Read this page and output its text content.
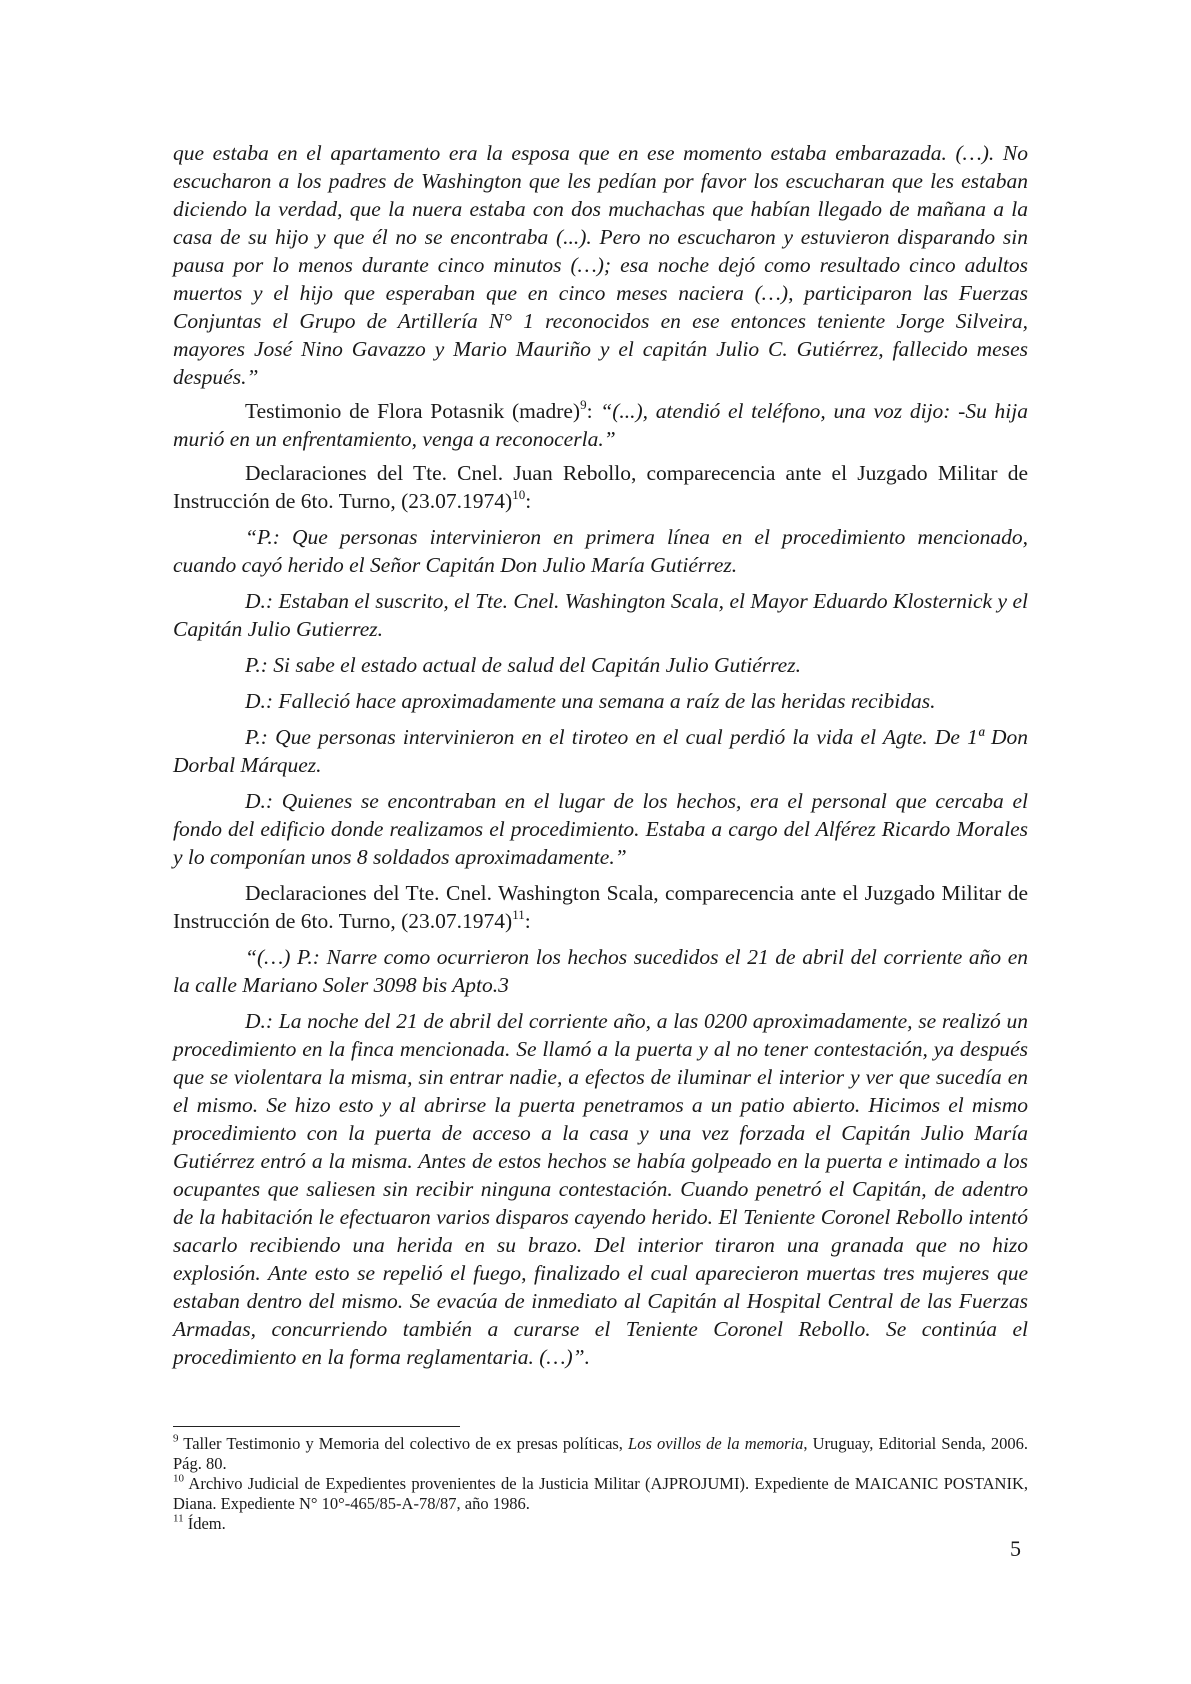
que estaba en el apartamento era la esposa que en ese momento estaba embarazada. (…). No escucharon a los padres de Washington que les pedían por favor los escucharan que les estaban diciendo la verdad, que la nuera estaba con dos muchachas que habían llegado de mañana a la casa de su hijo y que él no se encontraba (...). Pero no escucharon y estuvieron disparando sin pausa por lo menos durante cinco minutos (…); esa noche dejó como resultado cinco adultos muertos y el hijo que esperaban que en cinco meses naciera (…), participaron las Fuerzas Conjuntas el Grupo de Artillería N° 1 reconocidos en ese entonces teniente Jorge Silveira, mayores José Nino Gavazzo y Mario Mauriño y el capitán Julio C. Gutiérrez, fallecido meses después.”

Testimonio de Flora Potasnik (madre)$^9$: “(...), atendió el teléfono, una voz dijo: -Su hija murió en un enfrentamiento, venga a reconocerla.”

Declaraciones del Tte. Cnel. Juan Rebollo, comparecencia ante el Juzgado Militar de Instrucción de 6to. Turno, $(23.07.1974)^{10}$:

“P.: Que personas intervinieron en primera línea en el procedimiento mencionado, cuando cayó herido el Señor Capitán Don Julio María Gutiérrez.

D.: Estaban el suscrito, el Tte. Cnel. Washington Scala, el Mayor Eduardo Klosternick y el Capitán Julio Gutierrez.

P.: Si sabe el estado actual de salud del Capitán Julio Gutiérrez.

D.: Falleció hace aproximadamente una semana a raíz de las heridas recibidas.

P.: Que personas intervinieron en el tiroteo en el cual perdió la vida el Agte. De 1ª Don Dorbal Márquez.

D.: Quienes se encontraban en el lugar de los hechos, era el personal que cercaba el fondo del edificio donde realizamos el procedimiento. Estaba a cargo del Alférez Ricardo Morales y lo componían unos 8 soldados aproximadamente.”

Declaraciones del Tte. Cnel. Washington Scala, comparecencia ante el Juzgado Militar de Instrucción de 6to. Turno, $(23.07.1974)^{11}$:

“(…) P.: Narre como ocurrieron los hechos sucedidos el 21 de abril del corriente año en la calle Mariano Soler 3098 bis Apto.3

D.: La noche del 21 de abril del corriente año, a las 0200 aproximadamente, se realizó un procedimiento en la finca mencionada. Se llamó a la puerta y al no tener contestación, ya después que se violentara la misma, sin entrar nadie, a efectos de iluminar el interior y ver que sucedía en el mismo. Se hizo esto y al abrirse la puerta penetramos a un patio abierto. Hicimos el mismo procedimiento con la puerta de acceso a la casa y una vez forzada el Capitán Julio María Gutiérrez entró a la misma. Antes de estos hechos se había golpeado en la puerta e intimado a los ocupantes que saliesen sin recibir ninguna contestación. Cuando penetró el Capitán, de adentro de la habitación le efectuaron varios disparos cayendo herido. El Teniente Coronel Rebollo intentó sacarlo recibiendo una herida en su brazo. Del interior tiraron una granada que no hizo explosión. Ante esto se repelió el fuego, finalizado el cual aparecieron muertas tres mujeres que estaban dentro del mismo. Se evacúa de inmediato al Capitán al Hospital Central de las Fuerzas Armadas, concurriendo también a curarse el Teniente Coronel Rebollo. Se continúa el procedimiento en la forma reglamentaria. (…)”.

$^9$ Taller Testimonio y Memoria del colectivo de ex presas políticas, Los ovillos de la memoria, Uruguay, Editorial Senda, 2006. Pág. 80.

$^{10}$ Archivo Judicial de Expedientes provenientes de la Justicia Militar (AJPROJUMI). Expediente de MAICANIC POSTANIK, Diana. Expediente N° 10°-465/85-A-78/87, año 1986.

$^{11}$ Ídem.

5
